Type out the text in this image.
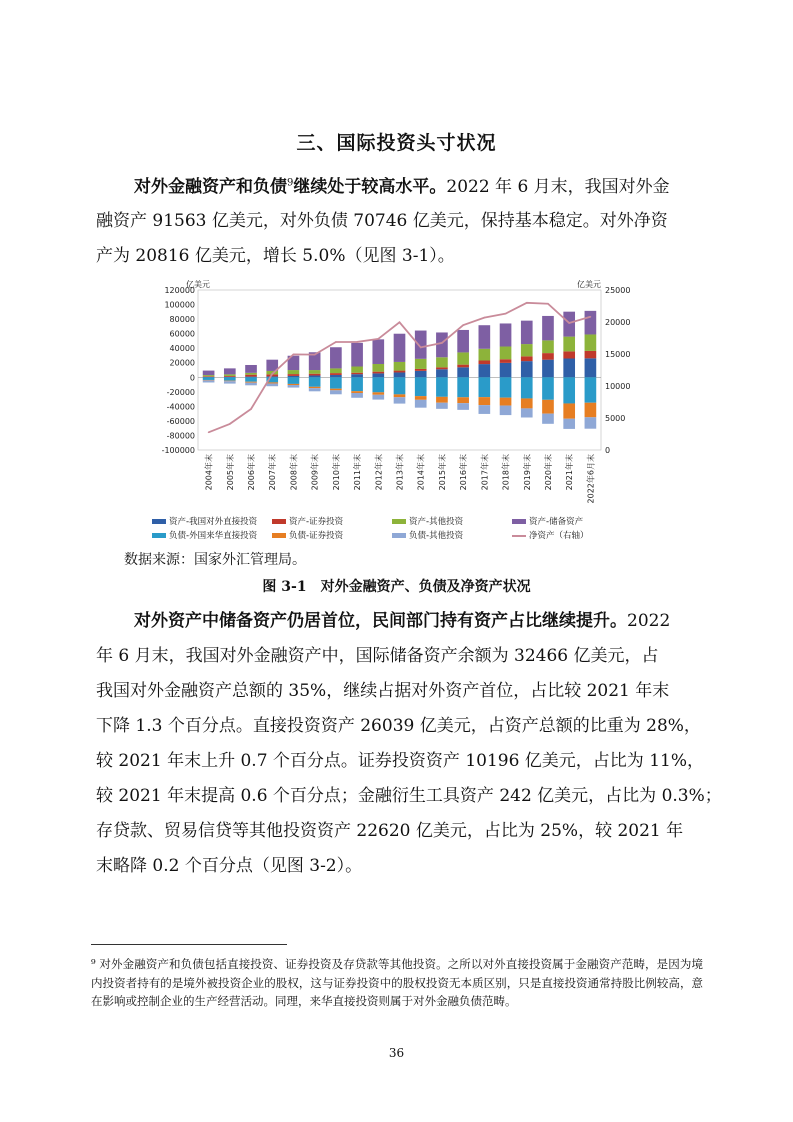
三、国际投资头寸状况
对外金融资产和负债$^9$继续处于较高水平。2022 年 6 月末，我国对外金
融资产 91563 亿美元，对外负债 70746 亿美元，保持基本稳定。对外净资
产为 20816 亿美元，增长 5.0%（见图 3-1）。
120000
100000
80000
60000
40000
20000
0
-20000
-40000
-60000
-80000
-100000
25000
20000
15000
10000
5000
0
亿美元	亿美元
2004年末 2005年末 2006年末 2007年末 2008年末 2009年末 2010年末 2011年末 2012年末 2013年末 2014年末 2015年末 2016年末 2017年末 2018年末 2019年末 2020年末 2021年末 2022年6月末
资产-我国对外直接投资	资产-证券投资	资产-其他投资	资产-储备资产
负债-外国来华直接投资	负债-证券投资	负债-其他投资	净资产（右轴）
数据来源：国家外汇管理局。
图 3-1　对外金融资产、负债及净资产状况
对外资产中储备资产仍居首位，民间部门持有资产占比继续提升。2022
年 6 月末，我国对外金融资产中，国际储备资产余额为 32466 亿美元，占
我国对外金融资产总额的 35%，继续占据对外资产首位，占比较 2021 年末
下降 1.3 个百分点。直接投资资产 26039 亿美元，占资产总额的比重为 28%，
较 2021 年末上升 0.7 个百分点。证券投资资产 10196 亿美元，占比为 11%，
较 2021 年末提高 0.6 个百分点；金融衍生工具资产 242 亿美元，占比为 0.3%；
存贷款、贸易信贷等其他投资资产 22620 亿美元，占比为 25%，较 2021 年
末略降 0.2 个百分点（见图 3-2）。
⁹ 对外金融资产和负债包括直接投资、证券投资及存贷款等其他投资。之所以对外直接投资属于金融资产范畴，是因为境内投资者持有的是境外被投资企业的股权，这与证券投资中的股权投资无本质区别，只是直接投资通常持股比例较高，意在影响或控制企业的生产经营活动。同理，来华直接投资则属于对外金融负债范畴。
36
